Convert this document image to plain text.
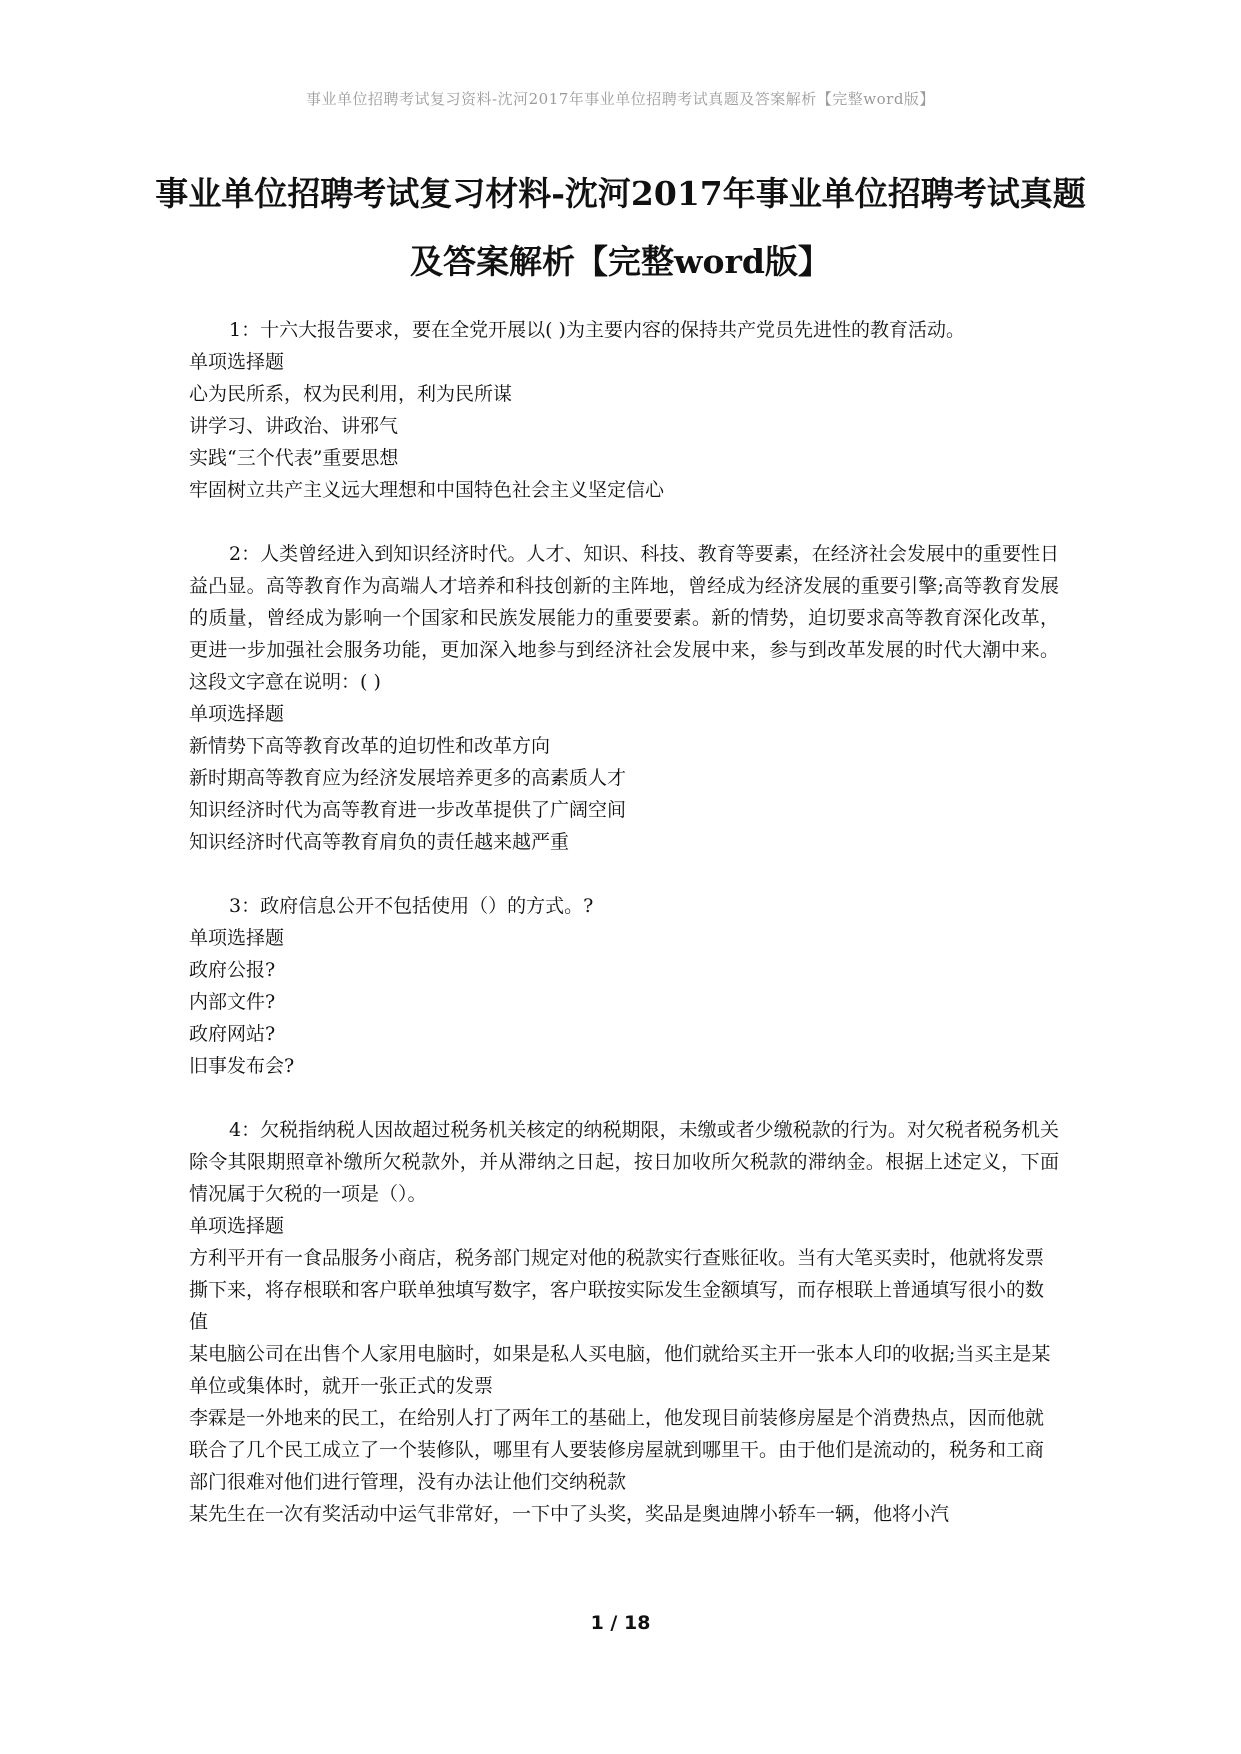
事业单位招聘考试复习资料-沈河2017年事业单位招聘考试真题及答案解析【完整word版】
事业单位招聘考试复习材料-沈河2017年事业单位招聘考试真题及答案解析【完整word版】

1：十六大报告要求，要在全党开展以( )为主要内容的保持共产党员先进性的教育活动。

单项选择题

心为民所系，权为民利用，利为民所谋

讲学习、讲政治、讲邪气

实践“三个代表”重要思想

牢固树立共产主义远大理想和中国特色社会主义坚定信心

2：人类曾经进入到知识经济时代。人才、知识、科技、教育等要素，在经济社会发展中的重要性日益凸显。高等教育作为高端人才培养和科技创新的主阵地，曾经成为经济发展的重要引擎;高等教育发展的质量，曾经成为影响一个国家和民族发展能力的重要要素。新的情势，迫切要求高等教育深化改革，更进一步加强社会服务功能，更加深入地参与到经济社会发展中来，参与到改革发展的时代大潮中来。 这段文字意在说明：( )

单项选择题

新情势下高等教育改革的迫切性和改革方向

新时期高等教育应为经济发展培养更多的高素质人才

知识经济时代为高等教育进一步改革提供了广阔空间

知识经济时代高等教育肩负的责任越来越严重

3：政府信息公开不包括使用（）的方式。?

单项选择题

政府公报?

内部文件?

政府网站?

旧事发布会?

4：欠税指纳税人因故超过税务机关核定的纳税期限，未缴或者少缴税款的行为。对欠税者税务机关除令其限期照章补缴所欠税款外，并从滞纳之日起，按日加收所欠税款的滞纳金。根据上述定义，下面情况属于欠税的一项是（）。

单项选择题

方利平开有一食品服务小商店，税务部门规定对他的税款实行查账征收。当有大笔买卖时，他就将发票撕下来，将存根联和客户联单独填写数字，客户联按实际发生金额填写，而存根联上普通填写很小的数值

某电脑公司在出售个人家用电脑时，如果是私人买电脑，他们就给买主开一张本人印的收据;当买主是某单位或集体时，就开一张正式的发票

李霖是一外地来的民工，在给别人打了两年工的基础上，他发现目前装修房屋是个消费热点，因而他就联合了几个民工成立了一个装修队，哪里有人要装修房屋就到哪里干。由于他们是流动的，税务和工商部门很难对他们进行管理，没有办法让他们交纳税款

某先生在一次有奖活动中运气非常好，一下中了头奖，奖品是奥迪牌小轿车一辆，他将小汽

1 / 18
